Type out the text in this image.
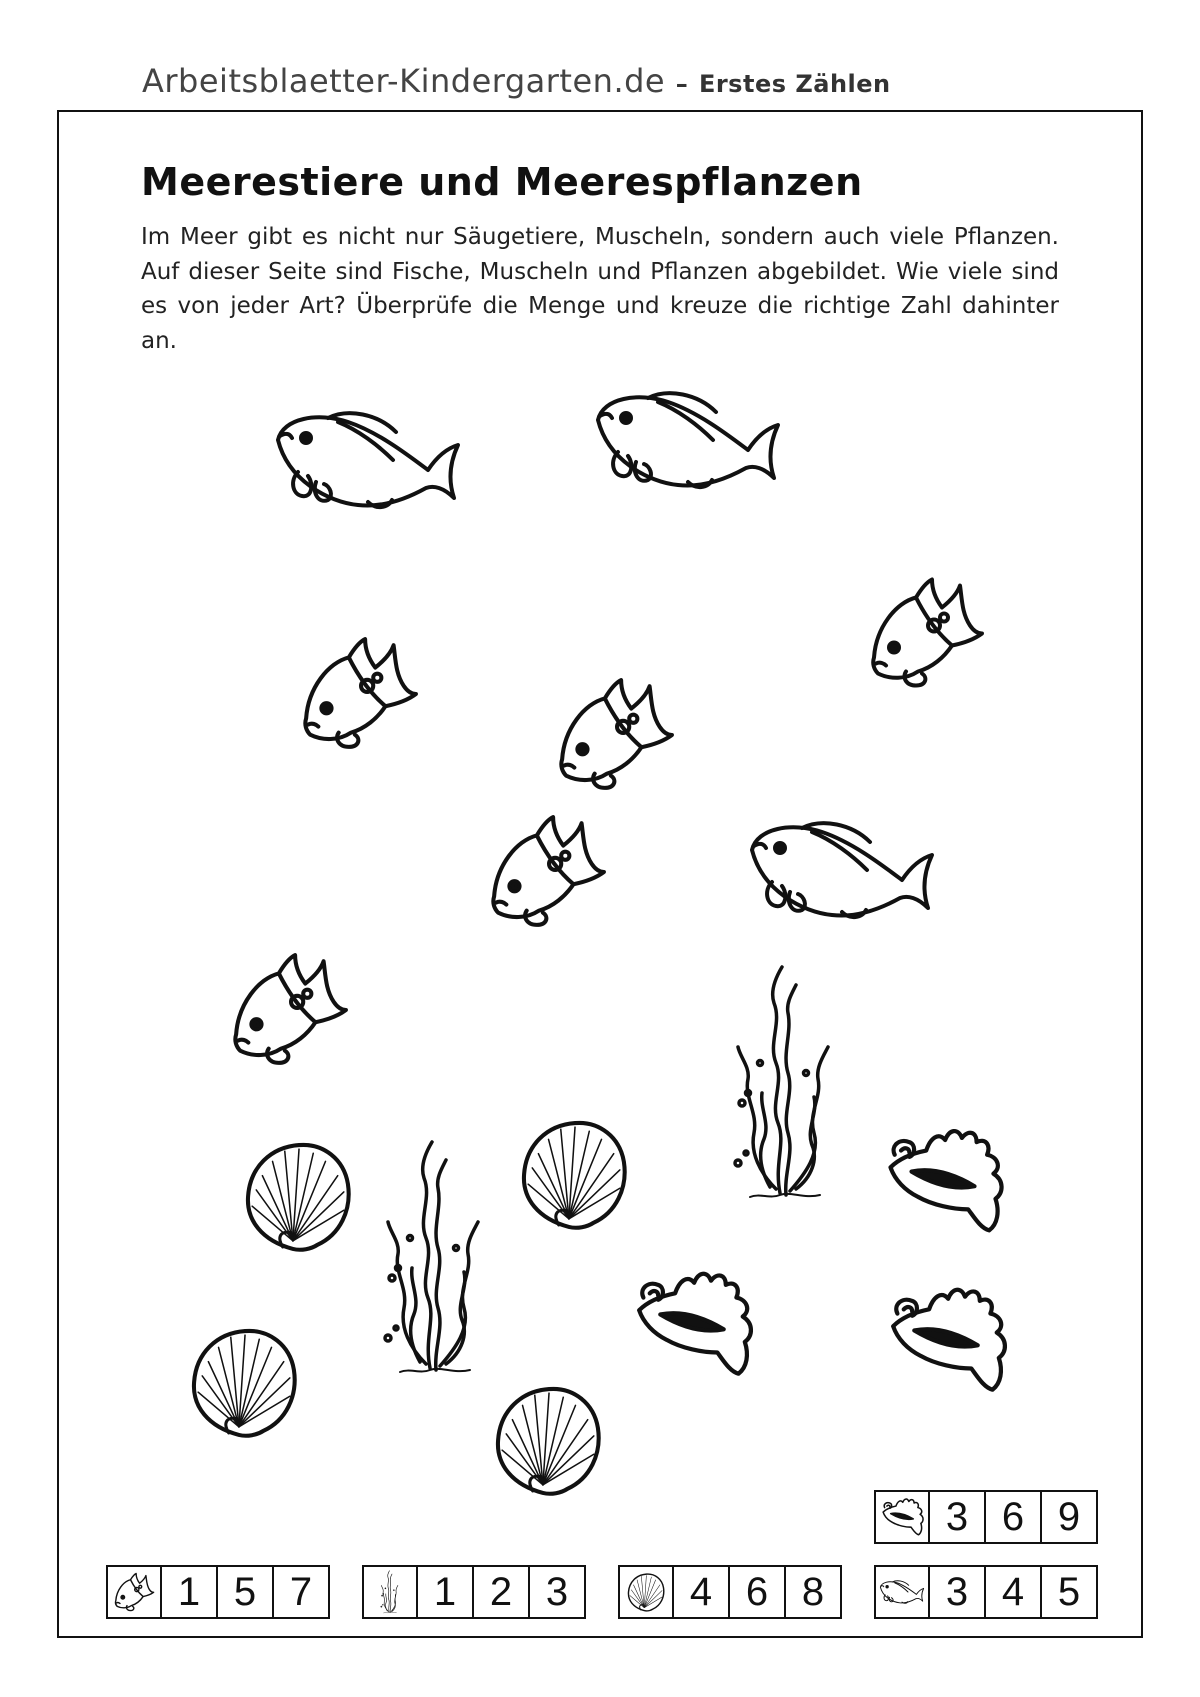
Arbeitsblaetter-Kindergarten.de – Erstes Zählen
Meerestiere und Meerespflanzen
Im Meer gibt es nicht nur Säugetiere, Muscheln, sondern auch viele Pflanzen. Auf dieser Seite sind Fische, Muscheln und Pflanzen abgebildet. Wie viele sind es von jeder Art? Überprüfe die Menge und kreuze die richtige Zahl dahinter an.
3 6 9
1 5 7	1 2 3	4 6 8	3 4 5
